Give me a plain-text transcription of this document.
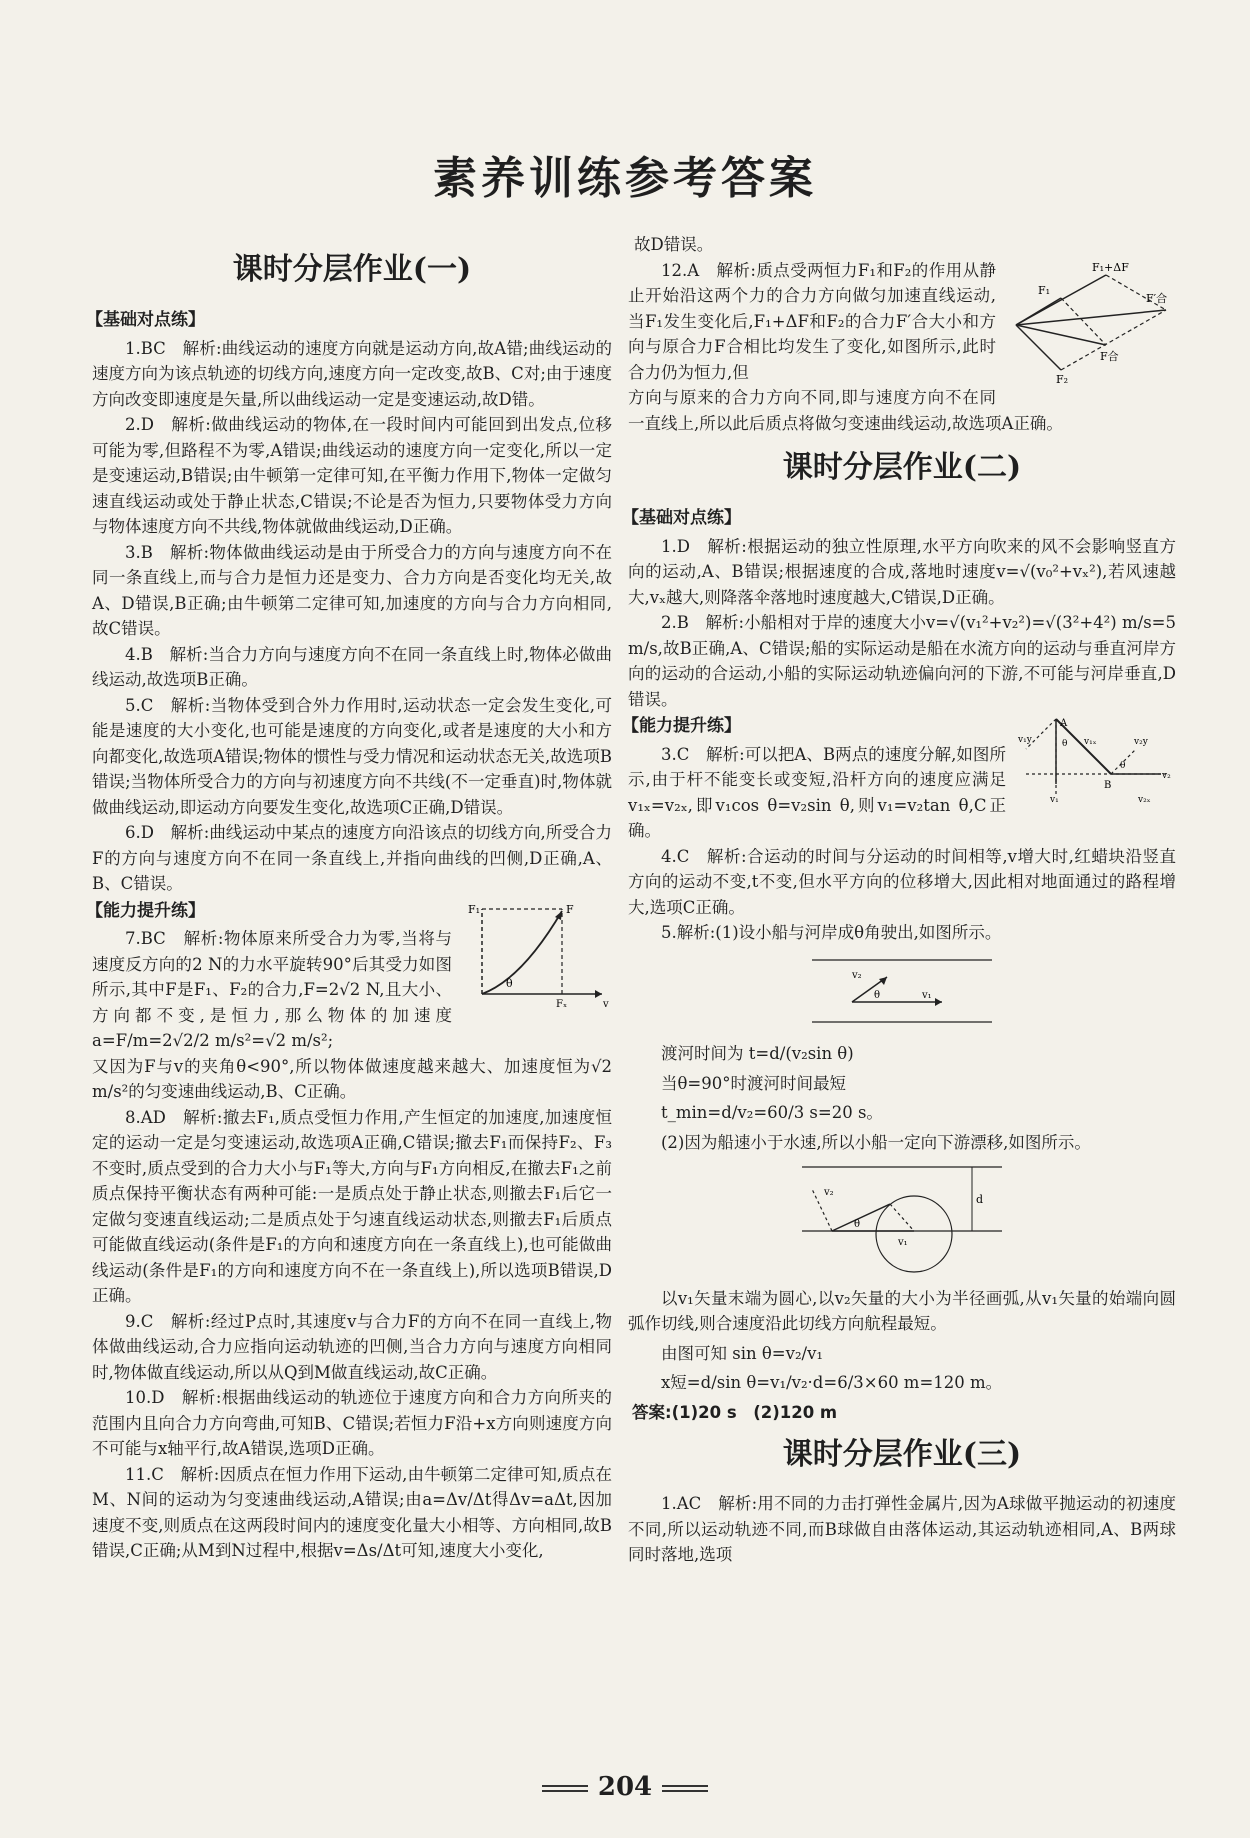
素养训练参考答案
课时分层作业(一)
【基础对点练】

1.BC　解析:曲线运动的速度方向就是运动方向,故A错;曲线运动的速度方向为该点轨迹的切线方向,速度方向一定改变,故B、C对;由于速度方向改变即速度是矢量,所以曲线运动一定是变速运动,故D错。

2.D　解析:做曲线运动的物体,在一段时间内可能回到出发点,位移可能为零,但路程不为零,A错误;曲线运动的速度方向一定变化,所以一定是变速运动,B错误;由牛顿第一定律可知,在平衡力作用下,物体一定做匀速直线运动或处于静止状态,C错误;不论是否为恒力,只要物体受力方向与物体速度方向不共线,物体就做曲线运动,D正确。

3.B　解析:物体做曲线运动是由于所受合力的方向与速度方向不在同一条直线上,而与合力是恒力还是变力、合力方向是否变化均无关,故A、D错误,B正确;由牛顿第二定律可知,加速度的方向与合力方向相同,故C错误。

4.B　解析:当合力方向与速度方向不在同一条直线上时,物体必做曲线运动,故选项B正确。

5.C　解析:当物体受到合外力作用时,运动状态一定会发生变化,可能是速度的大小变化,也可能是速度的方向变化,或者是速度的大小和方向都变化,故选项A错误;物体的惯性与受力情况和运动状态无关,故选项B错误;当物体所受合力的方向与初速度方向不共线(不一定垂直)时,物体就做曲线运动,即运动方向要发生变化,故选项C正确,D错误。

6.D　解析:曲线运动中某点的速度方向沿该点的切线方向,所受合力F的方向与速度方向不在同一条直线上,并指向曲线的凹侧,D正确,A、B、C错误。

【能力提升练】	F₁	F
θ
Fₓ	v

7.BC　解析:物体原来所受合力为零,当将与速度反方向的2 N的力水平旋转90°后其受力如图所示,其中F是F₁、F₂的合力,F=2√2 N,且大小、方向都不变,是恒力,那么物体的加速度a=F/m=2√2/2 m/s²=√2 m/s²;

又因为F与v的夹角θ<90°,所以物体做速度越来越大、加速度恒为√2 m/s²的匀变速曲线运动,B、C正确。

8.AD　解析:撤去F₁,质点受恒力作用,产生恒定的加速度,加速度恒定的运动一定是匀变速运动,故选项A正确,C错误;撤去F₁而保持F₂、F₃不变时,质点受到的合力大小与F₁等大,方向与F₁方向相反,在撤去F₁之前质点保持平衡状态有两种可能:一是质点处于静止状态,则撤去F₁后它一定做匀变速直线运动;二是质点处于匀速直线运动状态,则撤去F₁后质点可能做直线运动(条件是F₁的方向和速度方向在一条直线上),也可能做曲线运动(条件是F₁的方向和速度方向不在一条直线上),所以选项B错误,D正确。

9.C　解析:经过P点时,其速度v与合力F的方向不在同一直线上,物体做曲线运动,合力应指向运动轨迹的凹侧,当合力方向与速度方向相同时,物体做直线运动,所以从Q到M做直线运动,故C正确。

10.D　解析:根据曲线运动的轨迹位于速度方向和合力方向所夹的范围内且向合力方向弯曲,可知B、C错误;若恒力F沿+x方向则速度方向不可能与x轴平行,故A错误,选项D正确。

11.C　解析:因质点在恒力作用下运动,由牛顿第二定律可知,质点在M、N间的运动为匀变速曲线运动,A错误;由a=Δv/Δt得Δv=aΔt,因加速度不变,则质点在这两段时间内的速度变化量大小相等、方向相同,故B错误,C正确;从M到N过程中,根据v=Δs/Δt可知,速度大小变化,

故D错误。

F₁+ΔF
F₁
F′合
F合
F₂

12.A　解析:质点受两恒力F₁和F₂的作用从静止开始沿这两个力的合力方向做匀加速直线运动,当F₁发生变化后,F₁+ΔF和F₂的合力F′合大小和方向与原合力F合相比均发生了变化,如图所示,此时合力仍为恒力,但

方向与原来的合力方向不同,即与速度方向不在同一直线上,所以此后质点将做匀变速曲线运动,故选项A正确。

课时分层作业(二)
【基础对点练】

1.D　解析:根据运动的独立性原理,水平方向吹来的风不会影响竖直方向的运动,A、B错误;根据速度的合成,落地时速度v=√(v₀²+vₓ²),若风速越大,vₓ越大,则降落伞落地时速度越大,C错误,D正确。

2.B　解析:小船相对于岸的速度大小v=√(v₁²+v₂²)=√(3²+4²) m/s=5 m/s,故B正确,A、C错误;船的实际运动是船在水流方向的运动与垂直河岸方向的运动的合运动,小船的实际运动轨迹偏向河的下游,不可能与河岸垂直,D错误。

【能力提升练】	A
v₁y	θ v₁ₓ	v₂y
θ
B
v₂
v₁	v₂ₓ

3.C　解析:可以把A、B两点的速度分解,如图所示,由于杆不能变长或变短,沿杆方向的速度应满足v₁ₓ=v₂ₓ,即v₁cos θ=v₂sin θ,则v₁=v₂tan θ,C正确。

4.C　解析:合运动的时间与分运动的时间相等,v增大时,红蜡块沿竖直方向的运动不变,t不变,但水平方向的位移增大,因此相对地面通过的路程增大,选项C正确。

5.解析:(1)设小船与河岸成θ角驶出,如图所示。

v₂
θ	v₁
渡河时间为 t=d/(v₂sin θ)
当θ=90°时渡河时间最短
t_min=d/v₂=60/3 s=20 s。

(2)因为船速小于水速,所以小船一定向下游漂移,如图所示。

v₂
θ
v₁
d

以v₁矢量末端为圆心,以v₂矢量的大小为半径画弧,从v₁矢量的始端向圆弧作切线,则合速度沿此切线方向航程最短。

由图可知 sin θ=v₂/v₁
x短=d/sin θ=v₁/v₂·d=6/3×60 m=120 m。

答案:(1)20 s　(2)120 m

课时分层作业(三)

1.AC　解析:用不同的力击打弹性金属片,因为A球做平抛运动的初速度不同,所以运动轨迹不同,而B球做自由落体运动,其运动轨迹相同,A、B两球同时落地,选项

204
